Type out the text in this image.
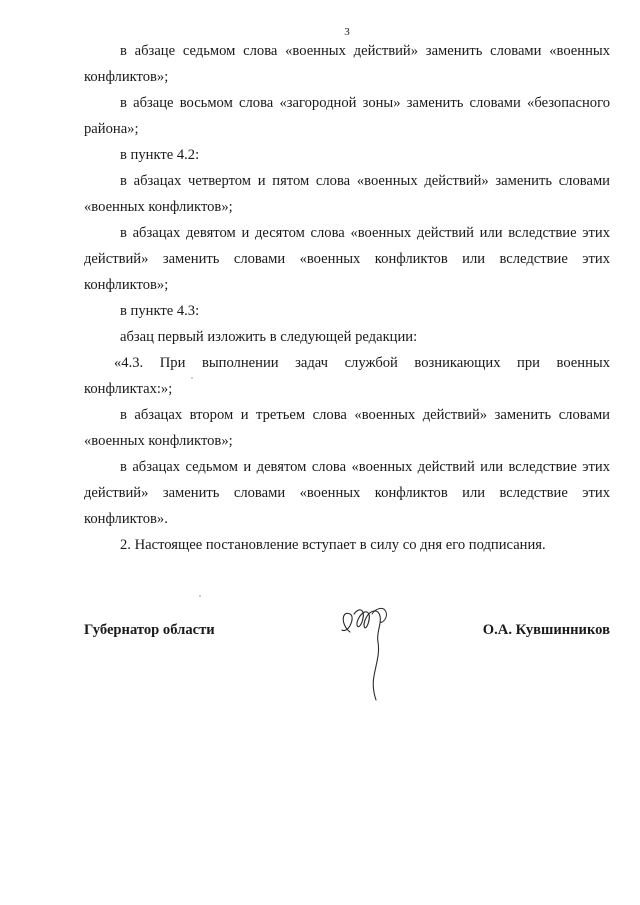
3

в абзаце седьмом слова «военных действий» заменить словами «военных конфликтов»;

в абзаце восьмом слова «загородной зоны» заменить словами «безопасного района»;

в пункте 4.2:

в абзацах четвертом и пятом слова «военных действий» заменить словами «военных конфликтов»;

в абзацах девятом и десятом слова «военных действий или вследствие этих действий» заменить словами «военных конфликтов или вследствие этих конфликтов»;

в пункте 4.3:

абзац первый изложить в следующей редакции:

«4.3. При выполнении задач службой возникающих при военных конфликтах:»;

в абзацах втором и третьем слова «военных действий» заменить словами «военных конфликтов»;

в абзацах седьмом и девятом слова «военных действий или вследствие этих действий» заменить словами «военных конфликтов или вследствие этих конфликтов».

2. Настоящее постановление вступает в силу со дня его подписания.

Губернатор области	О.А. Кувшинников
